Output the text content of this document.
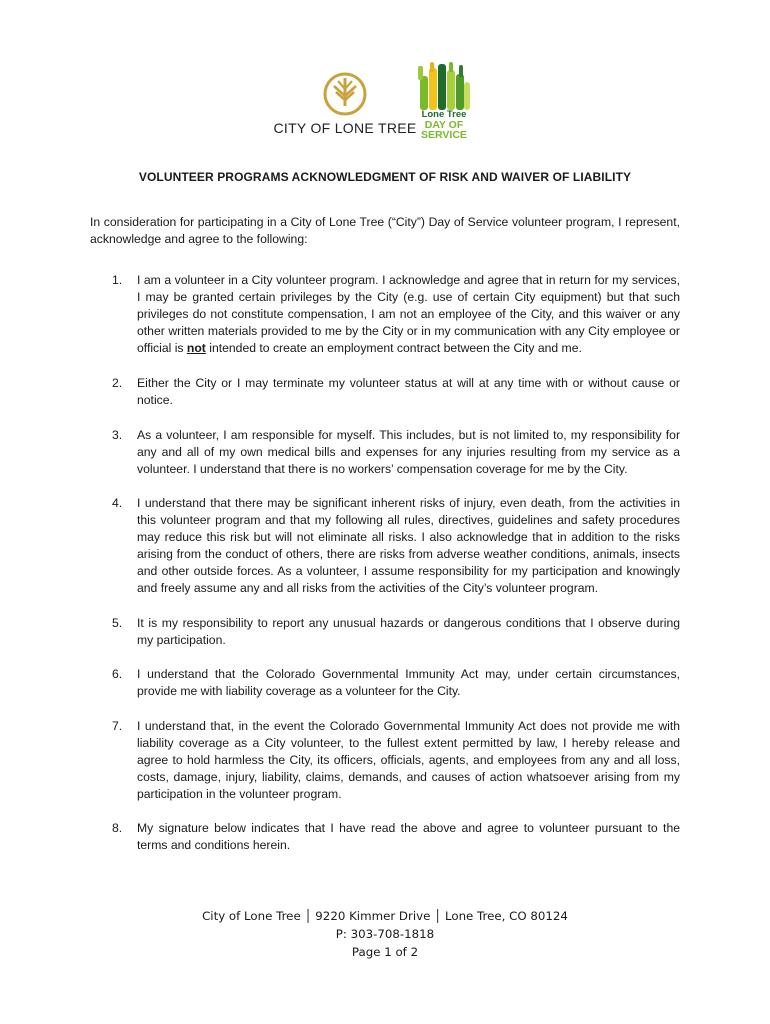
CITY OF LONE TREE
Lone Tree
DAY OF
SERVICE
VOLUNTEER PROGRAMS ACKNOWLEDGMENT OF RISK AND WAIVER OF LIABILITY
In consideration for participating in a City of Lone Tree (“City”) Day of Service volunteer program, I represent, acknowledge and agree to the following:
1. I am a volunteer in a City volunteer program. I acknowledge and agree that in return for my services, I may be granted certain privileges by the City (e.g. use of certain City equipment) but that such privileges do not constitute compensation, I am not an employee of the City, and this waiver or any other written materials provided to me by the City or in my communication with any City employee or official is not intended to create an employment contract between the City and me.
2. Either the City or I may terminate my volunteer status at will at any time with or without cause or notice.
3. As a volunteer, I am responsible for myself. This includes, but is not limited to, my responsibility for any and all of my own medical bills and expenses for any injuries resulting from my service as a volunteer. I understand that there is no workers’ compensation coverage for me by the City.
4. I understand that there may be significant inherent risks of injury, even death, from the activities in this volunteer program and that my following all rules, directives, guidelines and safety procedures may reduce this risk but will not eliminate all risks. I also acknowledge that in addition to the risks arising from the conduct of others, there are risks from adverse weather conditions, animals, insects and other outside forces. As a volunteer, I assume responsibility for my participation and knowingly and freely assume any and all risks from the activities of the City’s volunteer program.
5. It is my responsibility to report any unusual hazards or dangerous conditions that I observe during my participation.
6. I understand that the Colorado Governmental Immunity Act may, under certain circumstances, provide me with liability coverage as a volunteer for the City.
7. I understand that, in the event the Colorado Governmental Immunity Act does not provide me with liability coverage as a City volunteer, to the fullest extent permitted by law, I hereby release and agree to hold harmless the City, its officers, officials, agents, and employees from any and all loss, costs, damage, injury, liability, claims, demands, and causes of action whatsoever arising from my participation in the volunteer program.
8. My signature below indicates that I have read the above and agree to volunteer pursuant to the terms and conditions herein.
City of Lone Tree │ 9220 Kimmer Drive │ Lone Tree, CO 80124
P: 303-708-1818
Page 1 of 2
